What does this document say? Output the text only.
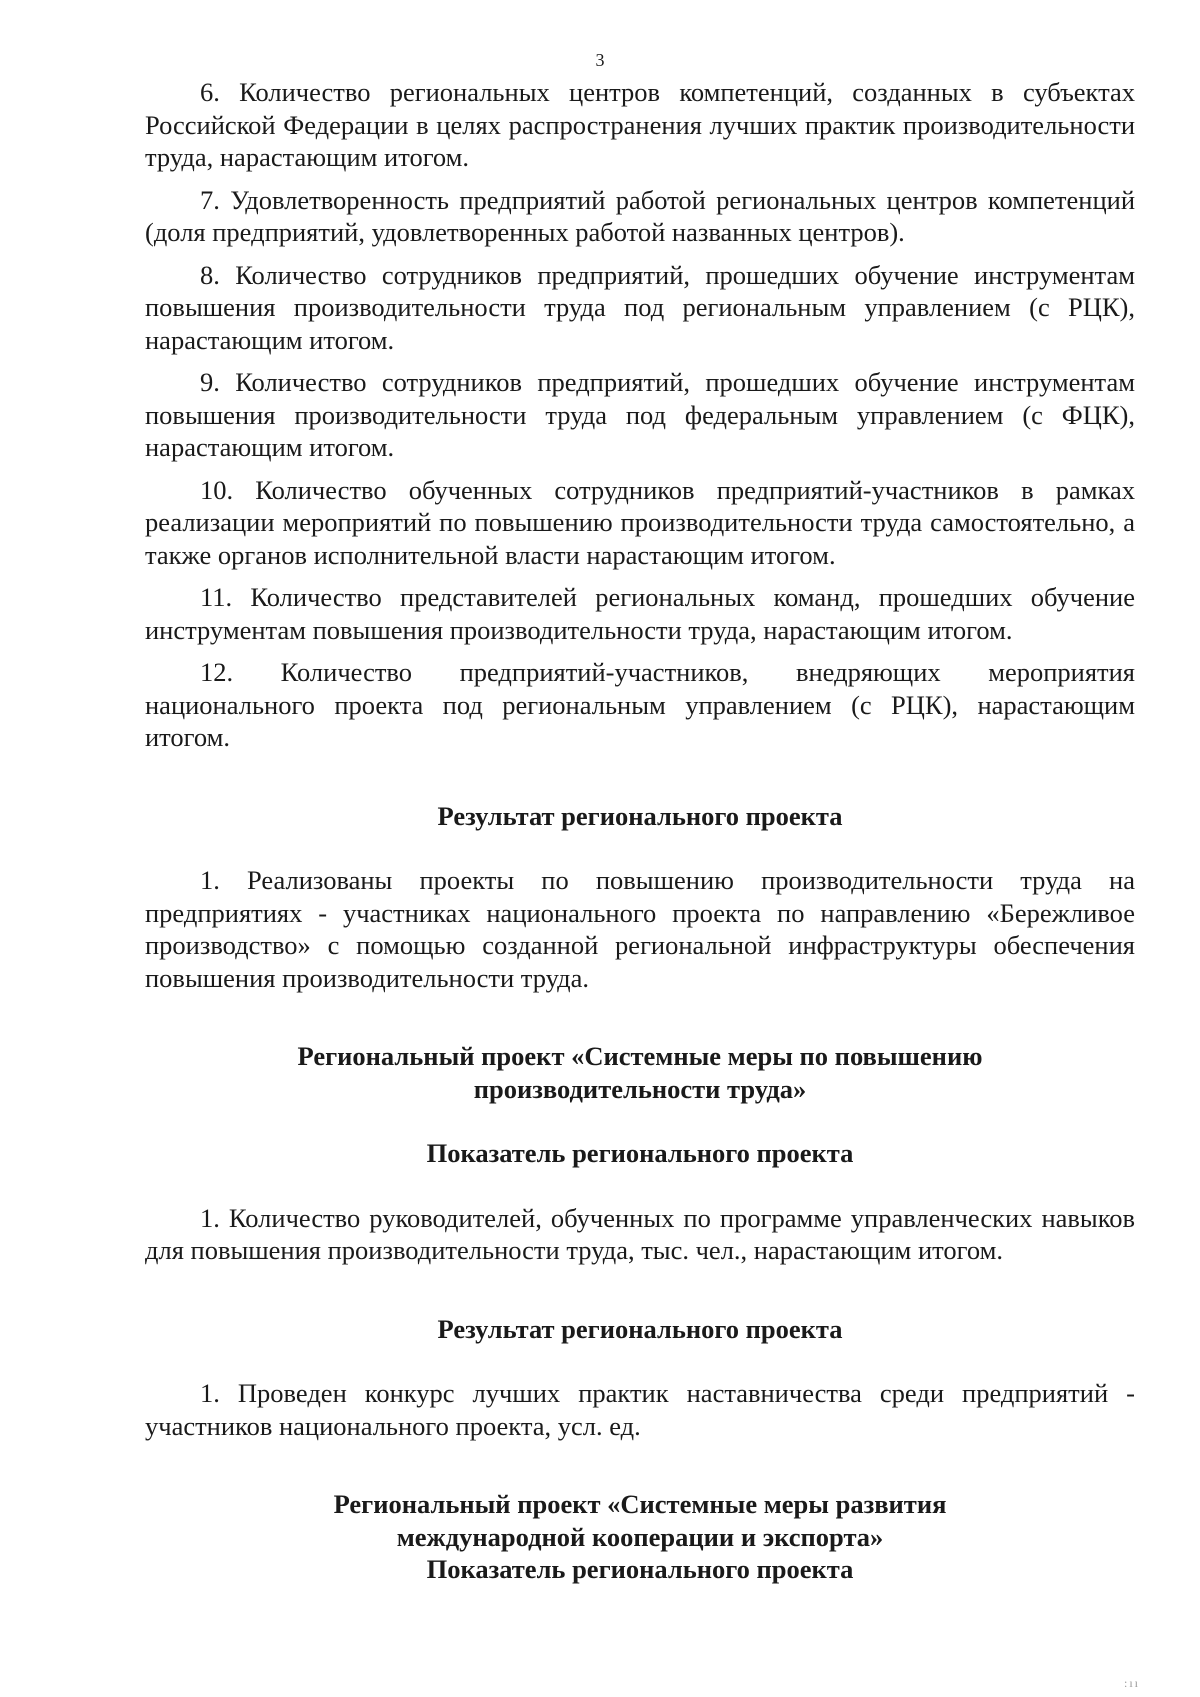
3

6. Количество региональных центров компетенций, созданных в субъектах Российской Федерации в целях распространения лучших практик производительности труда, нарастающим итогом.

7. Удовлетворенность предприятий работой региональных центров компетенций (доля предприятий, удовлетворенных работой названных центров).

8. Количество сотрудников предприятий, прошедших обучение инструментам повышения производительности труда под региональным управлением (с РЦК), нарастающим итогом.

9. Количество сотрудников предприятий, прошедших обучение инструментам повышения производительности труда под федеральным управлением (с ФЦК), нарастающим итогом.

10. Количество обученных сотрудников предприятий-участников в рамках реализации мероприятий по повышению производительности труда самостоятельно, а также органов исполнительной власти нарастающим итогом.

11. Количество представителей региональных команд, прошедших обучение инструментам повышения производительности труда, нарастающим итогом.

12. Количество предприятий-участников, внедряющих мероприятия национального проекта под региональным управлением (с РЦК), нарастающим итогом.

Результат регионального проекта

1. Реализованы проекты по повышению производительности труда на предприятиях - участниках национального проекта по направлению «Бережливое производство» с помощью созданной региональной инфраструктуры обеспечения повышения производительности труда.

Региональный проект «Системные меры по повышению

производительности труда»

Показатель регионального проекта

1. Количество руководителей, обученных по программе управленческих навыков для повышения производительности труда, тыс. чел., нарастающим итогом.

Результат регионального проекта

1. Проведен конкурс лучших практик наставничества среди предприятий - участников национального проекта, усл. ед.

Региональный проект «Системные меры развития

международной кооперации и экспорта»

Показатель регионального проекта

:ıı
